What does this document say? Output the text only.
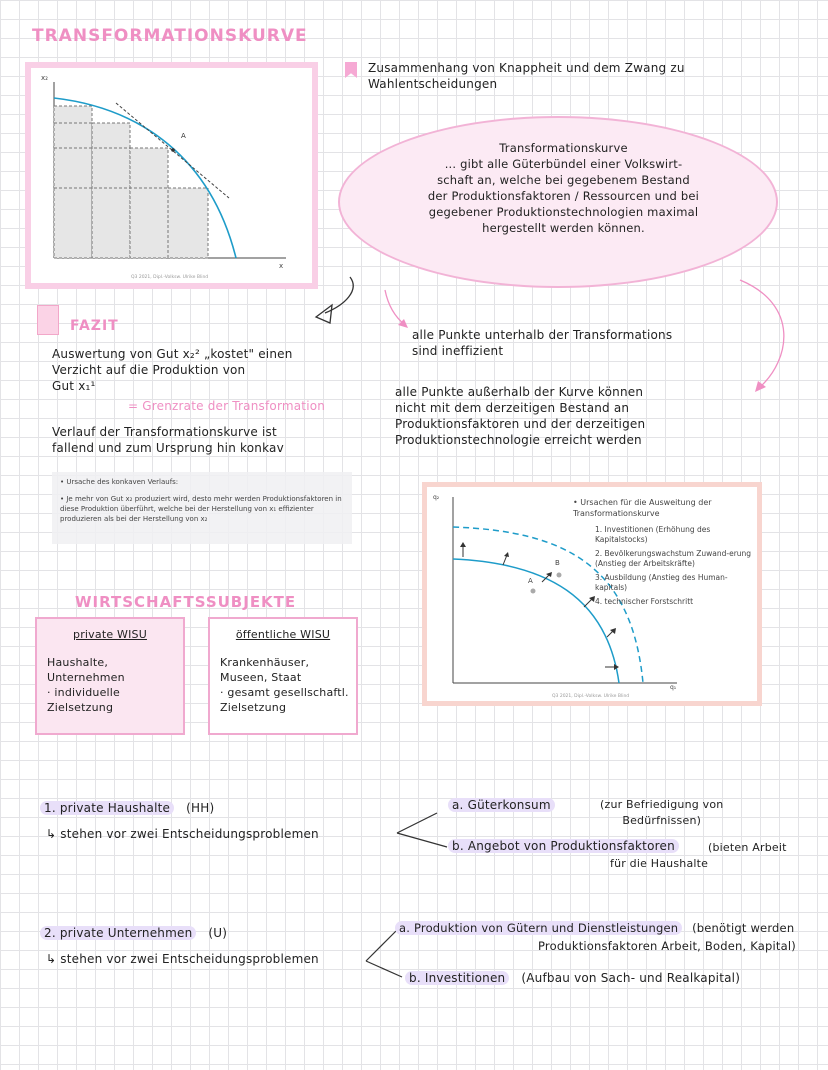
TRANSFORMATIONSKURVE
x₂
x
A
Q3 2021, Dipl.-Volksw. Ulrike Blind
Zusammenhang von Knappheit und dem Zwang zu
Wahlentscheidungen
Transformationskurve
... gibt alle Güterbündel einer Volkswirt-
schaft an, welche bei gegebenem Bestand
der Produktionsfaktoren / Ressourcen und bei
gegebener Produktionstechnologien maximal
hergestellt werden können.
FAZIT
Auswertung von Gut x₂² „kostet" einen
Verzicht auf die Produktion von
Gut x₁¹
= Grenzrate der Transformation
Verlauf der Transformationskurve ist
fallend und zum Ursprung hin konkav
alle Punkte unterhalb der Transformations
sind ineffizient
alle Punkte außerhalb der Kurve können
nicht mit dem derzeitigen Bestand an
Produktionsfaktoren und der derzeitigen
Produktionstechnologie erreicht werden
• Ursache des konkaven Verlaufs:
• Je mehr von Gut x₂ produziert wird, desto mehr werden Produktionsfaktoren in diese Produktion überführt, welche bei der Herstellung von x₁ effizienter produzieren als bei der Herstellung von x₂
q₂
q₁
A
B
Q3 2021, Dipl.-Volksw. Ulrike Blind
• Ursachen für die Ausweitung der Transformationskurve
1. Investitionen (Erhöhung des Kapitalstocks)
2. Bevölkerungswachstum Zuwand-erung (Anstieg der Arbeitskräfte)
3. Ausbildung (Anstieg des Human-kapitals)
4. technischer Forstschritt
WIRTSCHAFTSSUBJEKTE
private WISU
Haushalte,
Unternehmen
· individuelle
Zielsetzung
öffentliche WISU
Krankenhäuser,
Museen, Staat
· gesamt gesellschaftl.
Zielsetzung
1. private Haushalte (HH)
↳ stehen vor zwei Entscheidungsproblemen
a. Güterkonsum	(zur Befriedigung von
Bedürfnissen)
b. Angebot von Produktionsfaktoren	(bieten Arbeit
für die Haushalte
2. private Unternehmen (U)
↳ stehen vor zwei Entscheidungsproblemen
a. Produktion von Gütern und Dienstleistungen (benötigt werden
Produktionsfaktoren Arbeit, Boden, Kapital)
b. Investitionen (Aufbau von Sach- und Realkapital)
